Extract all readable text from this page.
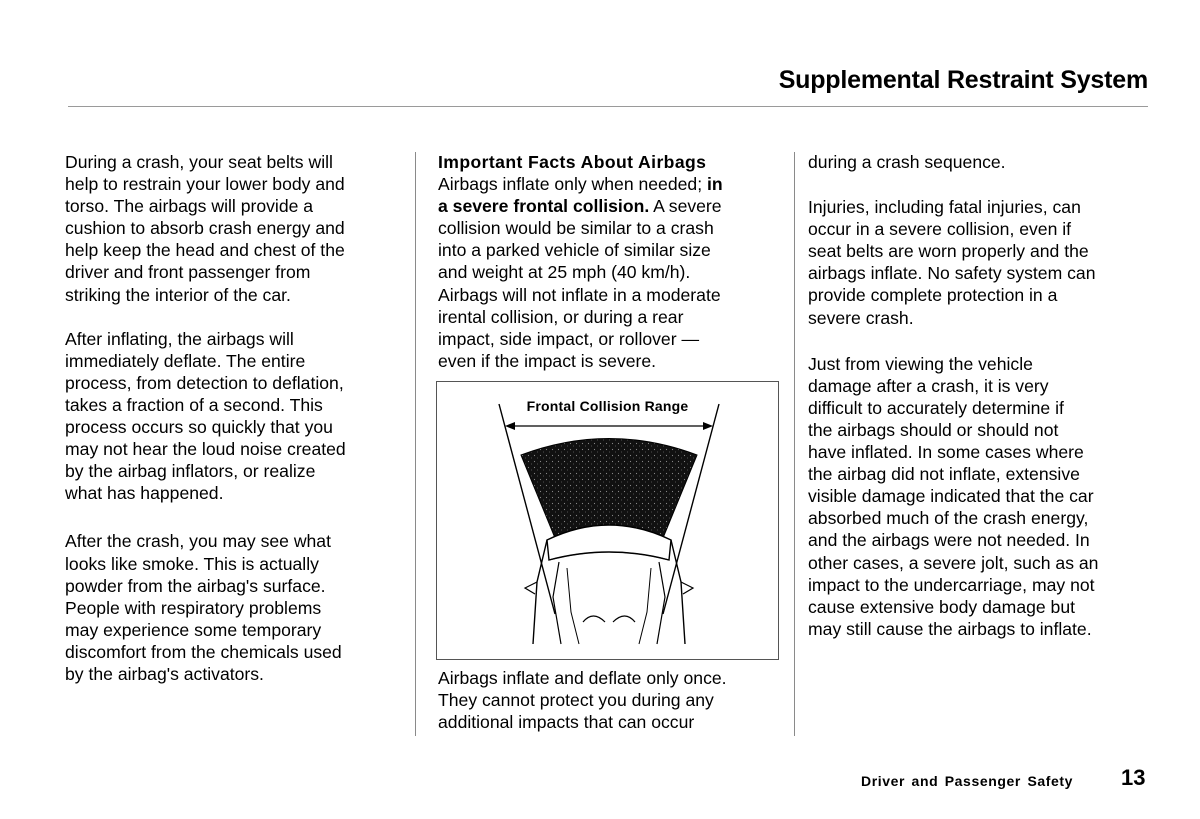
Supplemental Restraint System

During a crash, your seat belts will
help to restrain your lower body and
torso. The airbags will provide a
cushion to absorb crash energy and
help keep the head and chest of the
driver and front passenger from
striking the interior of the car.

After inflating, the airbags will
immediately deflate. The entire
process, from detection to deflation,
takes a fraction of a second. This
process occurs so quickly that you
may not hear the loud noise created
by the airbag inflators, or realize
what has happened.

After the crash, you may see what
looks like smoke. This is actually
powder from the airbag's surface.
People with respiratory problems
may experience some temporary
discomfort from the chemicals used
by the airbag's activators.

Important Facts About Airbags
Airbags inflate only when needed; in
a severe frontal collision. A severe
collision would be similar to a crash
into a parked vehicle of similar size
and weight at 25 mph (40 km/h).
Airbags will not inflate in a moderate
irental collision, or during a rear
impact, side impact, or rollover —
even if the impact is severe.
Frontal Collision Range
Airbags inflate and deflate only once.
They cannot protect you during any
additional impacts that can occur

during a crash sequence.

Injuries, including fatal injuries, can
occur in a severe collision, even if
seat belts are worn properly and the
airbags inflate. No safety system can
provide complete protection in a
severe crash.

Just from viewing the vehicle
damage after a crash, it is very
difficult to accurately determine if
the airbags should or should not
have inflated. In some cases where
the airbag did not inflate, extensive
visible damage indicated that the car
absorbed much of the crash energy,
and the airbags were not needed. In
other cases, a severe jolt, such as an
impact to the undercarriage, may not
cause extensive body damage but
may still cause the airbags to inflate.

Driver and Passenger Safety 13
